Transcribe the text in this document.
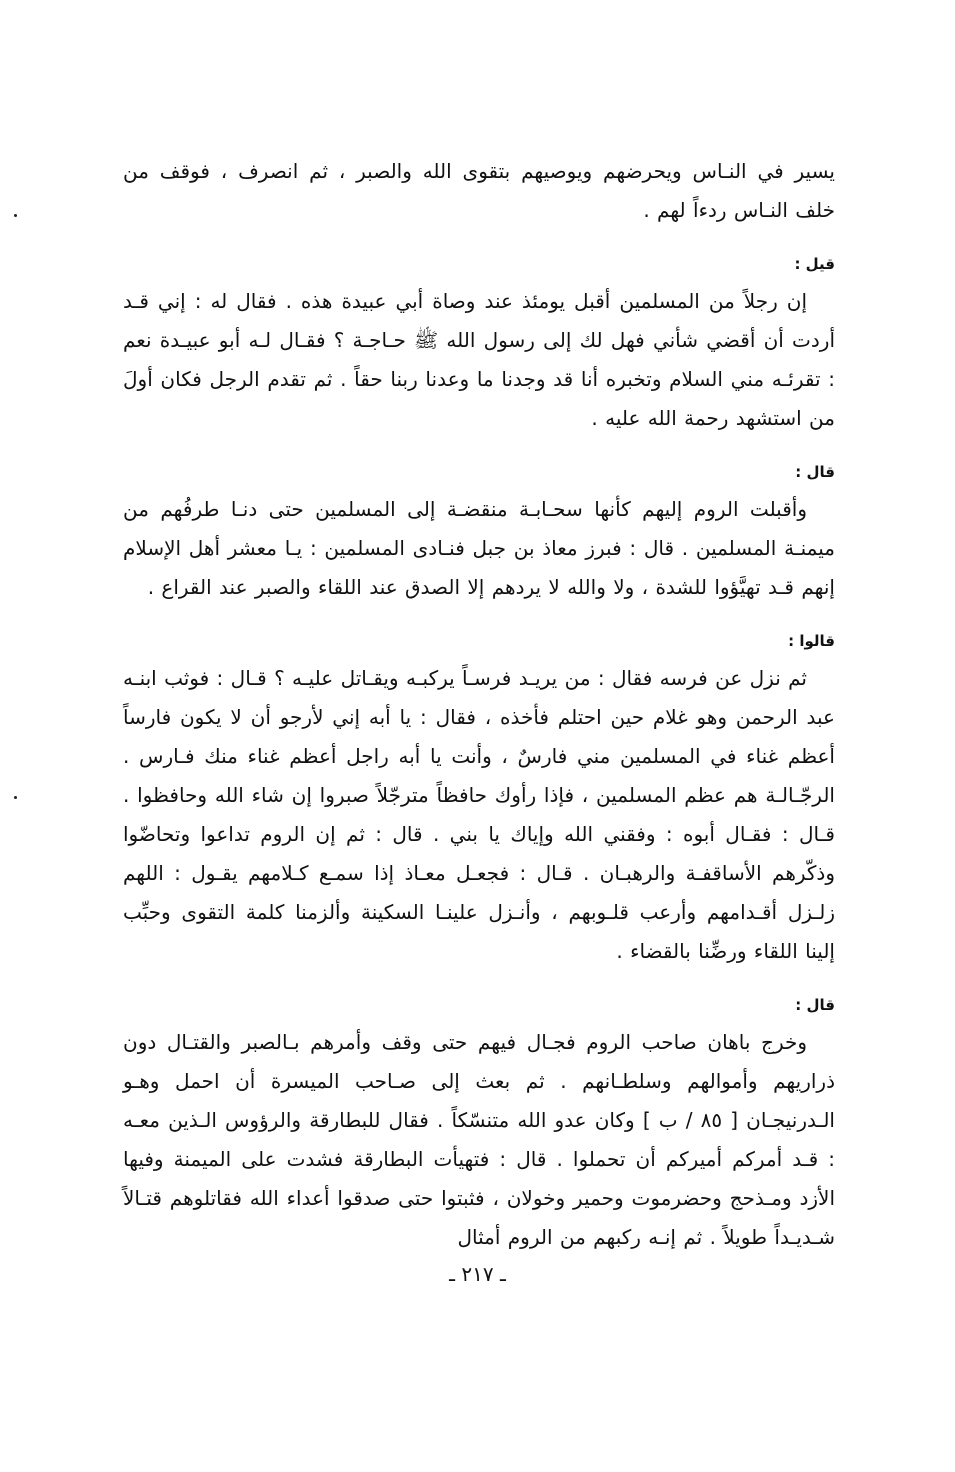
يسير في النـاس ويحرضهم ويوصيهم بتقوى الله والصبر ، ثم انصرف ، فوقف من خلف النـاس ردءاً لهم .

قيل :

إن رجلاً من المسلمين أقبل يومئذ عند وصاة أبي عبيدة هذه . فقال له : إني قـد أردت أن أقضي شأني فهل لك إلى رسول الله ﷺ حـاجـة ؟ فقـال لـه أبو عبيـدة نعم : تقرئـه مني السلام وتخبره أنا قد وجدنا ما وعدنا ربنا حقاً . ثم تقدم الرجل فكان أولَ من استشهد رحمة الله عليه .

قال :

وأقبلت الروم إليهم كأنها سحـابـة منقضـة إلى المسلمين حتى دنـا طرفُهم من ميمنـة المسلمين . قال : فبرز معاذ بن جبل فنـادى المسلمين : يـا معشر أهل الإسلام إنهم قـد تهيَّؤوا للشدة ، ولا والله لا يردهم إلا الصدق عند اللقاء والصبر عند القراع .

قالوا :

ثم نزل عن فرسه فقال : من يريـد فرسـاً يركبـه ويقـاتل عليـه ؟ قـال : فوثب ابنـه عبد الرحمن وهو غلام حين احتلم فأخذه ، فقال : يا أبه إني لأرجو أن لا يكون فارساً أعظم غناء في المسلمين مني فارسٌ ، وأنت يا أبه راجل أعظم غناء منك فـارس . الرجّـالـة هم عظم المسلمين ، فإذا رأوك حافظاً مترجّلاً صبروا إن شاء الله وحافظوا . قـال : فقـال أبوه : وفقني الله وإياك يا بني . قال : ثم إن الروم تداعوا وتحاضّوا وذكّرهم الأساقفـة والرهبـان . قـال : فجعـل معـاذ إذا سمـع كـلامهم يقـول : اللهم زلـزل أقـدامهم وأرعب قلـوبهم ، وأنـزل علينـا السكينة وألزمنا كلمة التقوى وحبِّب إلينا اللقاء ورضِّنا بالقضاء .

قال :

وخرج باهان صاحب الروم فجـال فيهم حتى وقف وأمرهم بـالصبر والقتـال دون ذراريهم وأموالهم وسلطـانهم . ثم بعث إلى صـاحب الميسرة أن احمل وهـو الـدرنيجـان [ ٨٥ / ب ] وكان عدو الله متنسّكاً . فقال للبطارقة والرؤوس الـذين معـه : قـد أمركم أميركم أن تحملوا . قال : فتهيأت البطارقة فشدت على الميمنة وفيها الأزد ومـذحج وحضرموت وحمير وخولان ، فثبتوا حتى صدقوا أعداء الله فقاتلوهم قتـالاً شـديـداً طويلاً . ثم إنـه ركبهم من الروم أمثال

ـ ٢١٧ ـ
